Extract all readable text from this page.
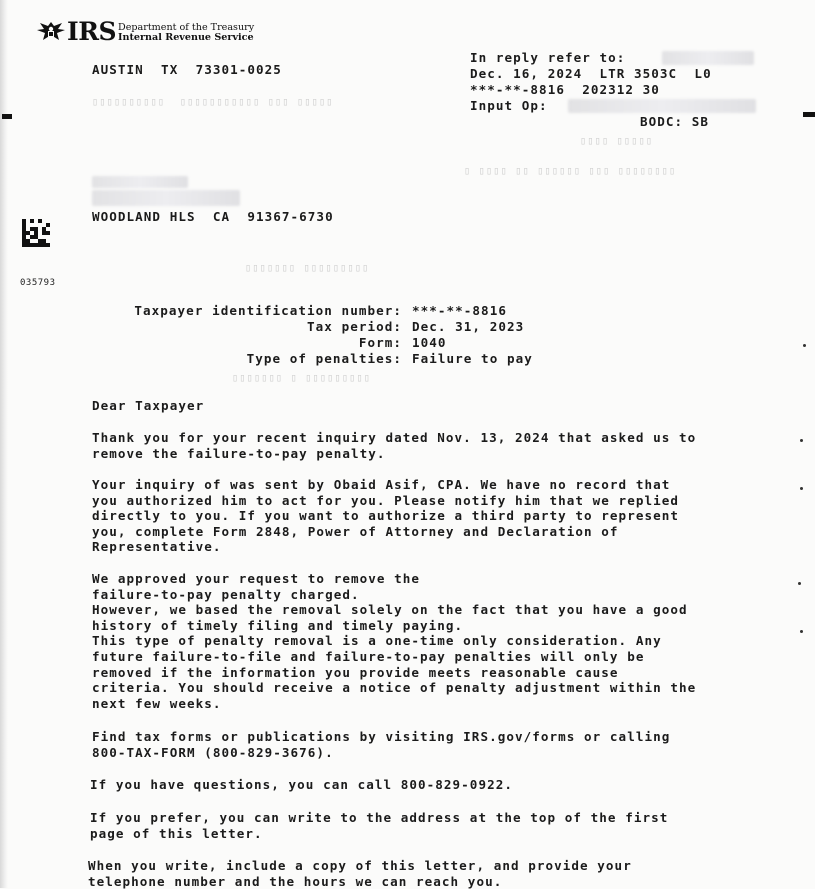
IRS Department of the Treasury
Internal Revenue Service
AUSTIN  TX  73301-0025
▯▯▯▯▯▯▯▯▯▯  ▯▯▯▯▯▯▯▯▯▯▯ ▯▯▯ ▯▯▯▯▯
▯▯▯▯ ▯▯▯▯▯
▯ ▯▯▯▯ ▯▯ ▯▯▯▯▯▯ ▯▯▯ ▯▯▯▯▯▯▯▯
▯▯▯▯▯▯▯ ▯▯▯▯▯▯▯▯▯
▯▯▯▯▯▯▯ ▯ ▯▯▯▯▯▯▯▯▯
In reply refer to:
Dec. 16, 2024  LTR 3503C  L0
***-**-8816  202312 30
Input Op:
BODC: SB
WOODLAND HLS  CA  91367-6730
035793
Taxpayer identification number: ***-**-8816
Tax period: Dec. 31, 2023
Form: 1040
Type of penalties: Failure to pay
Dear Taxpayer
Thank you for your recent inquiry dated Nov. 13, 2024 that asked us to
remove the failure-to-pay penalty.
Your inquiry of was sent by Obaid Asif, CPA. We have no record that
you authorized him to act for you. Please notify him that we replied
directly to you. If you want to authorize a third party to represent
you, complete Form 2848, Power of Attorney and Declaration of
Representative.
We approved your request to remove the
failure-to-pay penalty charged.
However, we based the removal solely on the fact that you have a good
history of timely filing and timely paying.
This type of penalty removal is a one-time only consideration. Any
future failure-to-file and failure-to-pay penalties will only be
removed if the information you provide meets reasonable cause
criteria. You should receive a notice of penalty adjustment within the
next few weeks.
Find tax forms or publications by visiting IRS.gov/forms or calling
800-TAX-FORM (800-829-3676).
If you have questions, you can call 800-829-0922.
If you prefer, you can write to the address at the top of the first
page of this letter.
When you write, include a copy of this letter, and provide your
telephone number and the hours we can reach you.
